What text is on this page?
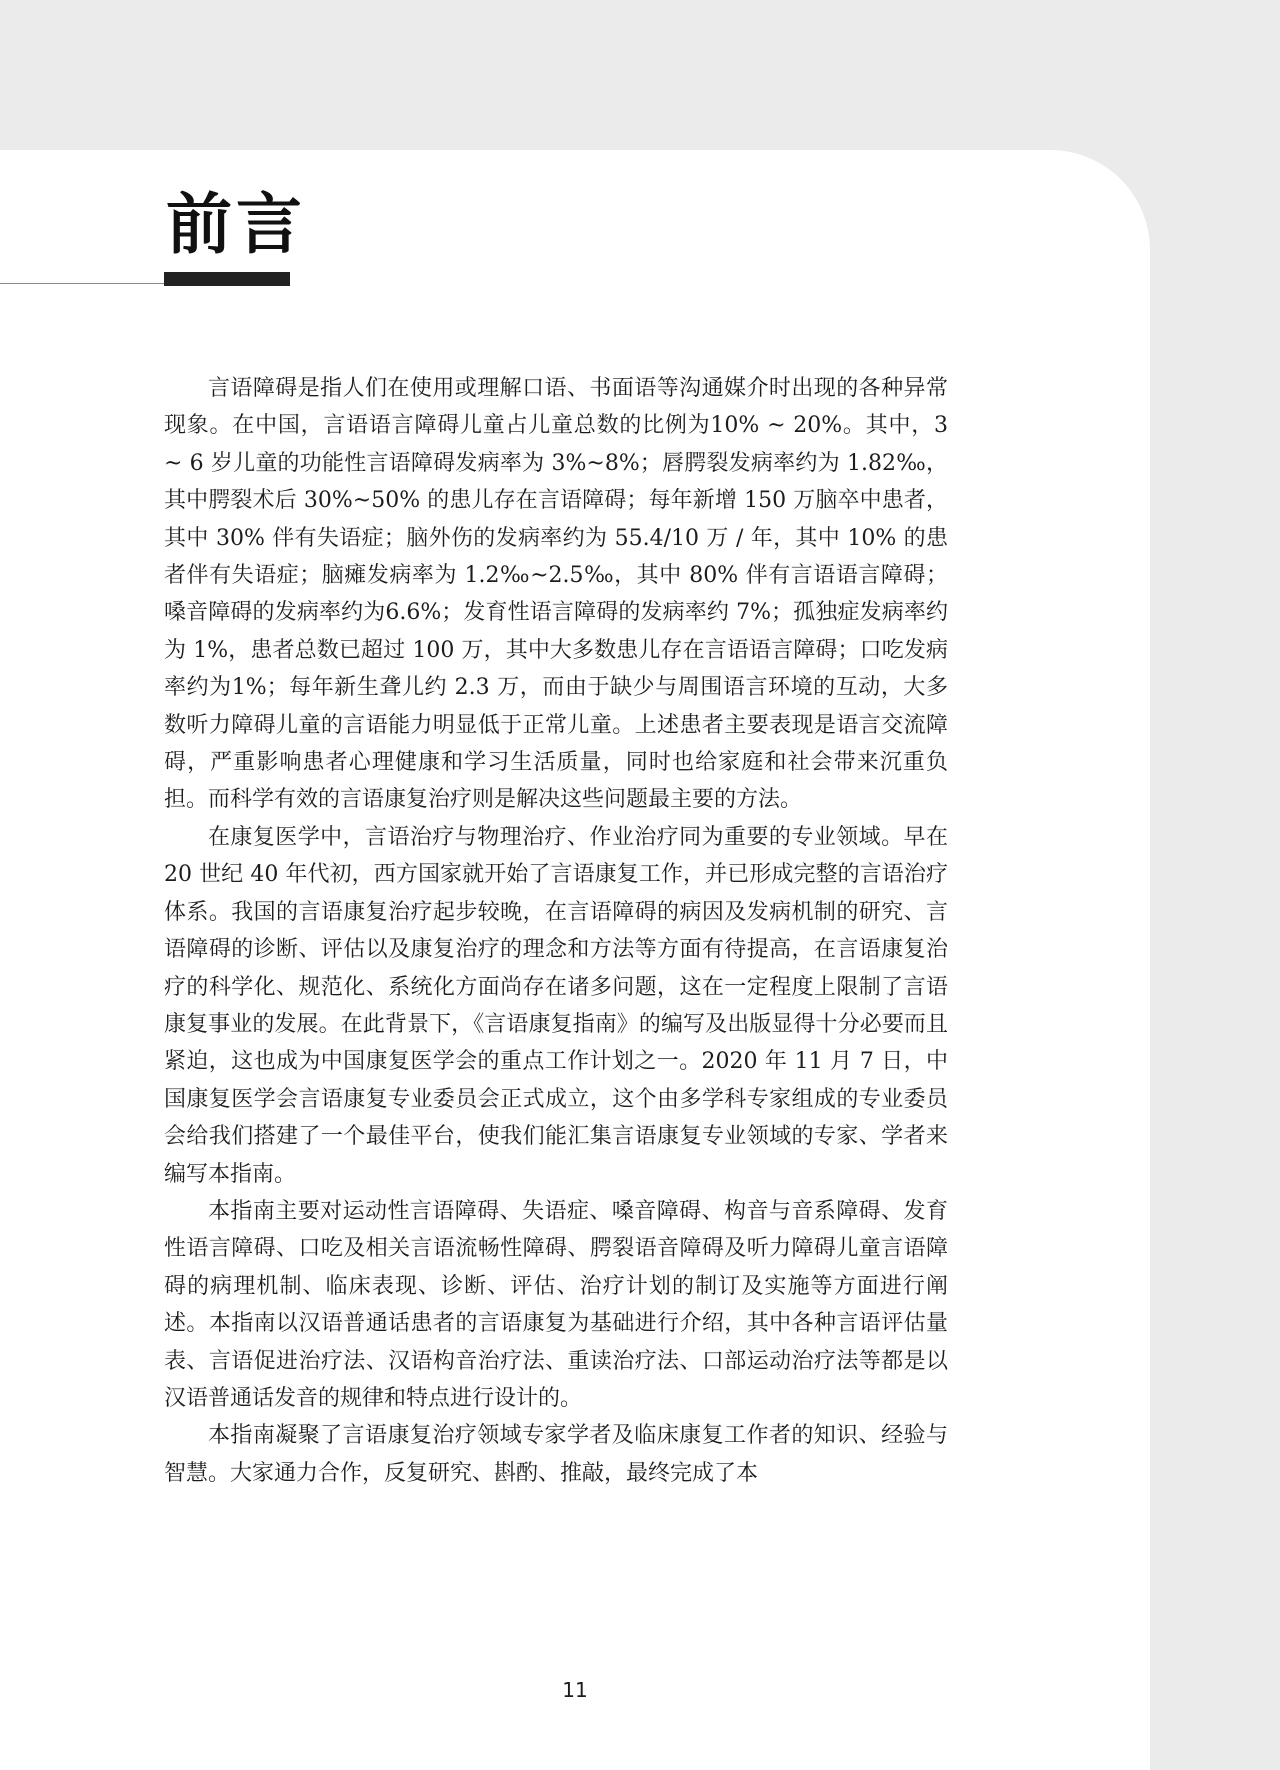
前言

言语障碍是指人们在使用或理解口语、书面语等沟通媒介时出现的各种异常现象。在中国，言语语言障碍儿童占儿童总数的比例为10% ~ 20%。其中，3 ~ 6 岁儿童的功能性言语障碍发病率为 3%~8%；唇腭裂发病率约为 1.82‰，其中腭裂术后 30%~50% 的患儿存在言语障碍；每年新增 150 万脑卒中患者，其中 30% 伴有失语症；脑外伤的发病率约为 55.4/10 万 / 年，其中 10% 的患者伴有失语症；脑瘫发病率为 1.2‰~2.5‰，其中 80% 伴有言语语言障碍；嗓音障碍的发病率约为6.6%；发育性语言障碍的发病率约 7%；孤独症发病率约为 1%，患者总数已超过 100 万，其中大多数患儿存在言语语言障碍；口吃发病率约为1%；每年新生聋儿约 2.3 万，而由于缺少与周围语言环境的互动，大多数听力障碍儿童的言语能力明显低于正常儿童。上述患者主要表现是语言交流障碍，严重影响患者心理健康和学习生活质量，同时也给家庭和社会带来沉重负担。而科学有效的言语康复治疗则是解决这些问题最主要的方法。

在康复医学中，言语治疗与物理治疗、作业治疗同为重要的专业领域。早在 20 世纪 40 年代初，西方国家就开始了言语康复工作，并已形成完整的言语治疗体系。我国的言语康复治疗起步较晚，在言语障碍的病因及发病机制的研究、言语障碍的诊断、评估以及康复治疗的理念和方法等方面有待提高，在言语康复治疗的科学化、规范化、系统化方面尚存在诸多问题，这在一定程度上限制了言语康复事业的发展。在此背景下，《言语康复指南》的编写及出版显得十分必要而且紧迫，这也成为中国康复医学会的重点工作计划之一。2020 年 11 月 7 日，中国康复医学会言语康复专业委员会正式成立，这个由多学科专家组成的专业委员会给我们搭建了一个最佳平台，使我们能汇集言语康复专业领域的专家、学者来编写本指南。

本指南主要对运动性言语障碍、失语症、嗓音障碍、构音与音系障碍、发育性语言障碍、口吃及相关言语流畅性障碍、腭裂语音障碍及听力障碍儿童言语障碍的病理机制、临床表现、诊断、评估、治疗计划的制订及实施等方面进行阐述。本指南以汉语普通话患者的言语康复为基础进行介绍，其中各种言语评估量表、言语促进治疗法、汉语构音治疗法、重读治疗法、口部运动治疗法等都是以汉语普通话发音的规律和特点进行设计的。

本指南凝聚了言语康复治疗领域专家学者及临床康复工作者的知识、经验与智慧。大家通力合作，反复研究、斟酌、推敲，最终完成了本

11
